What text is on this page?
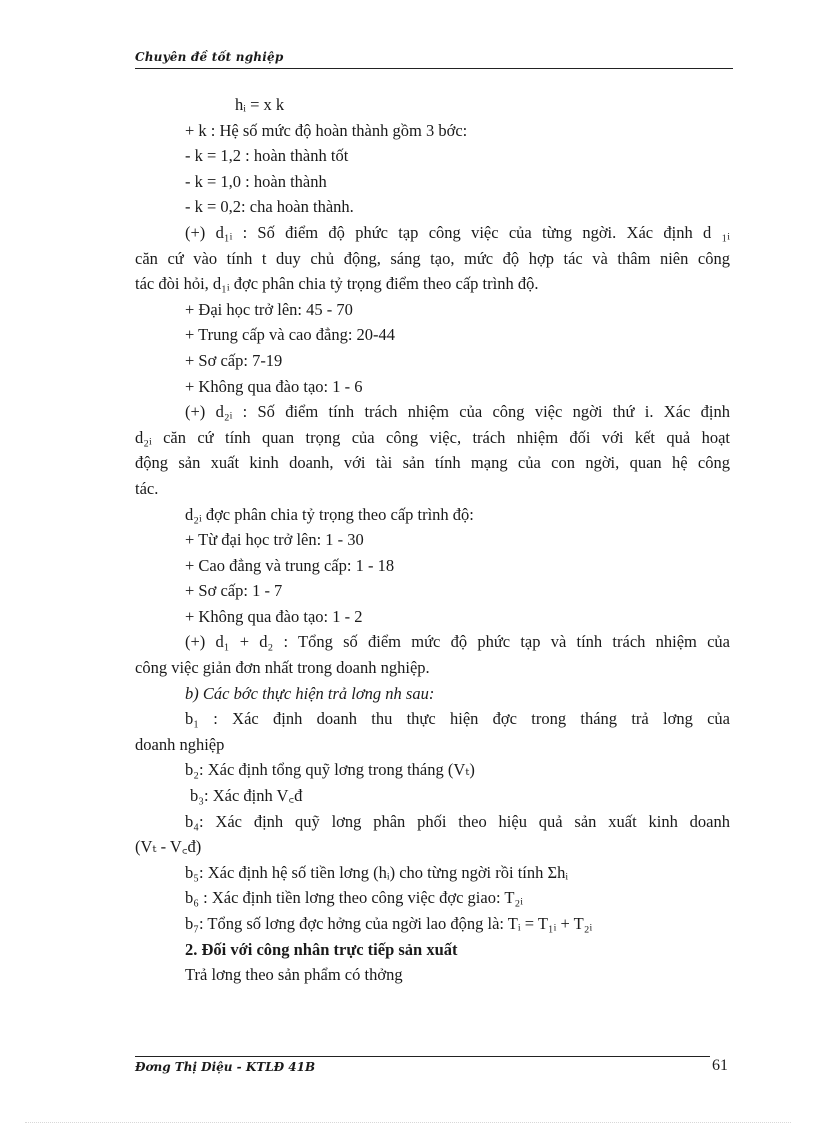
Chuyên đề tốt nghiệp
hᵢ = x k
+ k : Hệ số mức độ hoàn thành gồm 3 bớc:
- k = 1,2 : hoàn thành tốt
- k = 1,0 : hoàn thành
- k = 0,2: cha hoàn thành.
(+) d₁ᵢ : Số điểm độ phức tạp công việc của từng ngời. Xác định d ₁ᵢ
căn cứ vào tính t duy chủ động, sáng tạo, mức độ hợp tác và thâm niên công
tác đòi hỏi, d₁ᵢ đợc phân chia tỷ trọng điểm theo cấp trình độ.
+ Đại học trở lên: 45 - 70
+ Trung cấp và cao đẳng: 20-44
+ Sơ cấp: 7-19
+ Không qua đào tạo: 1 - 6
(+) d₂ᵢ : Số điểm tính trách nhiệm của công việc ngời thứ i. Xác định
d₂ᵢ căn cứ tính quan trọng của công việc, trách nhiệm đối với kết quả hoạt
động sản xuất kinh doanh, với tài sản tính mạng của con ngời, quan hệ công
tác.
d₂ᵢ đợc phân chia tỷ trọng theo cấp trình độ:
+ Từ đại học trở lên: 1 - 30
+ Cao đẳng và trung cấp: 1 - 18
+ Sơ cấp: 1 - 7
+ Không qua đào tạo: 1 - 2
(+) d₁ + d₂ : Tổng số điểm mức độ phức tạp và tính trách nhiệm của
công việc giản đơn nhất trong doanh nghiệp.
b) Các bớc thực hiện trả lơng nh sau:
b₁ : Xác định doanh thu thực hiện đợc trong tháng trả lơng của
doanh nghiệp
b₂: Xác định tổng quỹ lơng trong tháng (Vₜ)
b₃: Xác định V꜀đ
b₄: Xác định quỹ lơng phân phối theo hiệu quả sản xuất kinh doanh
(Vₜ - V꜀đ)
b₅: Xác định hệ số tiền lơng (hᵢ) cho từng ngời rồi tính Σhᵢ
b₆ : Xác định tiền lơng theo công việc đợc giao: T₂ᵢ
b₇: Tổng số lơng đợc hởng của ngời lao động là: Tᵢ = T₁ᵢ + T₂ᵢ
2. Đối với công nhân trực tiếp sản xuất
Trả lơng theo sản phẩm có thởng
Đơng Thị Diệu - KTLĐ 41B	61
